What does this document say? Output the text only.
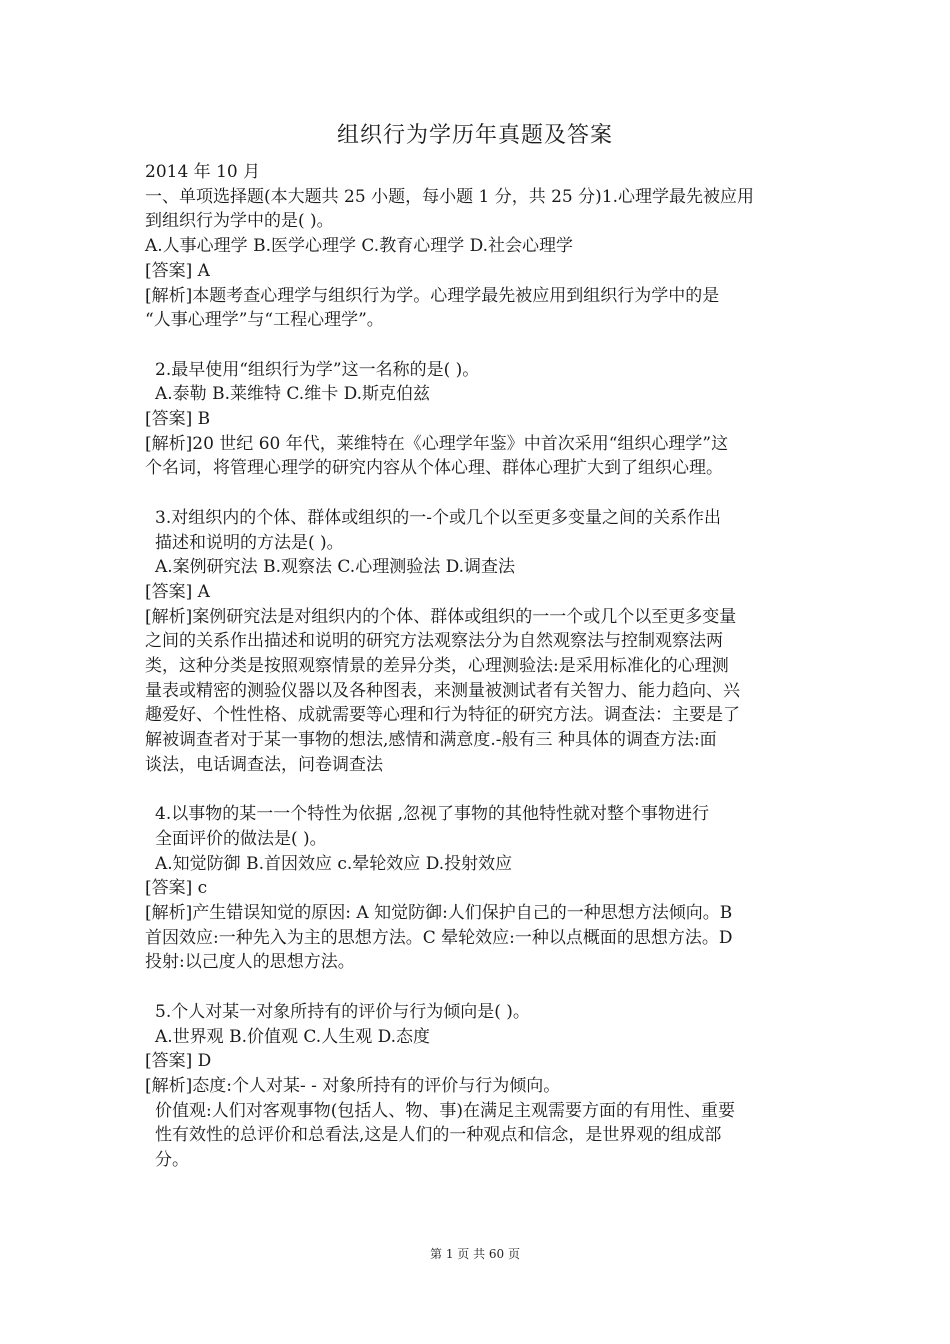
组织行为学历年真题及答案

2014 年 10 月

一、单项选择题(本大题共 25 小题，每小题 1 分，共 25 分)1.心理学最先被应用

到组织行为学中的是( )。

A.人事心理学 B.医学心理学 C.教育心理学 D.社会心理学

[答案] A

[解析]本题考查心理学与组织行为学。心理学最先被应用到组织行为学中的是

“人事心理学”与“工程心理学”。

2.最早使用“组织行为学”这一名称的是( )。

A.泰勒 B.莱维特 C.维卡 D.斯克伯兹

[答案] B

[解析]20 世纪 60 年代，莱维特在《心理学年鉴》中首次采用“组织心理学”这

个名词，将管理心理学的研究内容从个体心理、群体心理扩大到了组织心理。

3.对组织内的个体、群体或组织的一-个或几个以至更多变量之间的关系作出

描述和说明的方法是( )。

A.案例研究法 B.观察法 C.心理测验法 D.调查法

[答案] A

[解析]案例研究法是对组织内的个体、群体或组织的一一个或几个以至更多变量

之间的关系作出描述和说明的研究方法观察法分为自然观察法与控制观察法两

类，这种分类是按照观察情景的差异分类，心理测验法:是采用标准化的心理测

量表或精密的测验仪器以及各种图表，来测量被测试者有关智力、能力趋向、兴

趣爱好、个性性格、成就需要等心理和行为特征的研究方法。调查法：主要是了

解被调查者对于某一事物的想法,感情和满意度.-般有三 种具体的调查方法:面

谈法，电话调查法，问卷调查法

4.以事物的某一一个特性为依据 ,忽视了事物的其他特性就对整个事物进行

全面评价的做法是( )。

A.知觉防御 B.首因效应 c.晕轮效应 D.投射效应

[答案] c

[解析]产生错误知觉的原因: A 知觉防御:人们保护自己的一种思想方法倾向。B

首因效应:一种先入为主的思想方法。C 晕轮效应:一种以点概面的思想方法。D

投射:以己度人的思想方法。

5.个人对某一对象所持有的评价与行为倾向是( )。

A.世界观 B.价值观 C.人生观 D.态度

[答案] D

[解析]态度:个人对某- - 对象所持有的评价与行为倾向。

价值观:人们对客观事物(包括人、物、事)在满足主观需要方面的有用性、重要

性有效性的总评价和总看法,这是人们的一种观点和信念，是世界观的组成部

分。

第 1 页 共 60 页
